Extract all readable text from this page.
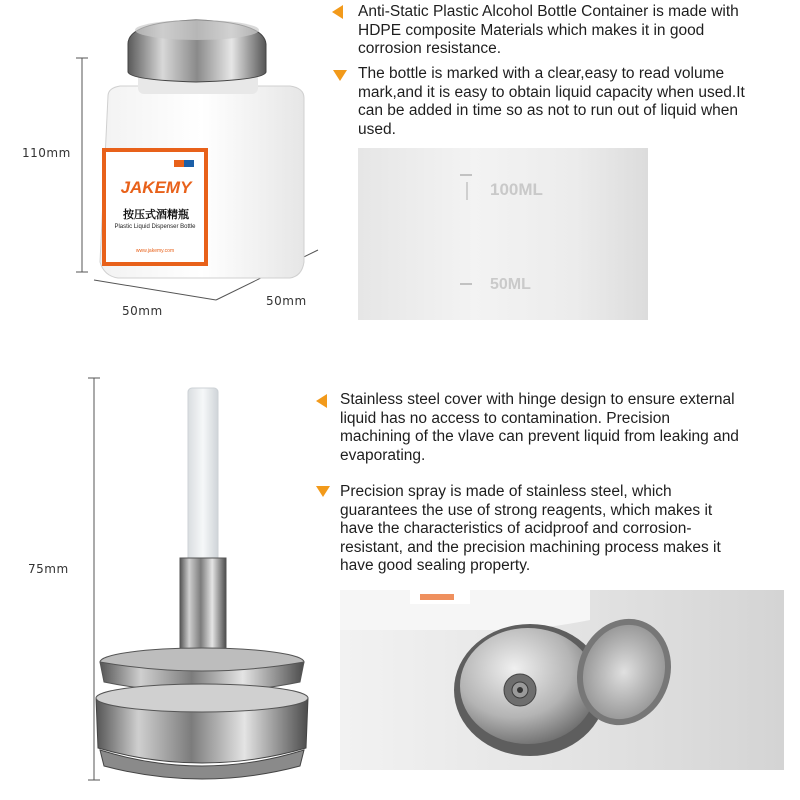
JAKEMY
按压式酒精瓶
Plastic Liquid Dispenser Bottle
www.jakemy.com
110mm
50mm
50mm
Anti-Static Plastic Alcohol Bottle Container is made with HDPE composite Materials which makes it in good corrosion resistance.
The bottle is marked with a clear,easy to read volume mark,and it is easy to obtain liquid capacity when used.It can be added in time so as not to run out of liquid when used.
100ML
50ML
75mm
Stainless steel cover with hinge design to ensure external liquid has no access to contamination. Precision machining of the vlave can prevent liquid from leaking and evaporating.
Precision spray is made of stainless steel, which guarantees the use of strong reagents, which makes it have the characteristics of acidproof and corrosion-resistant, and the precision machining process makes it have good sealing property.
